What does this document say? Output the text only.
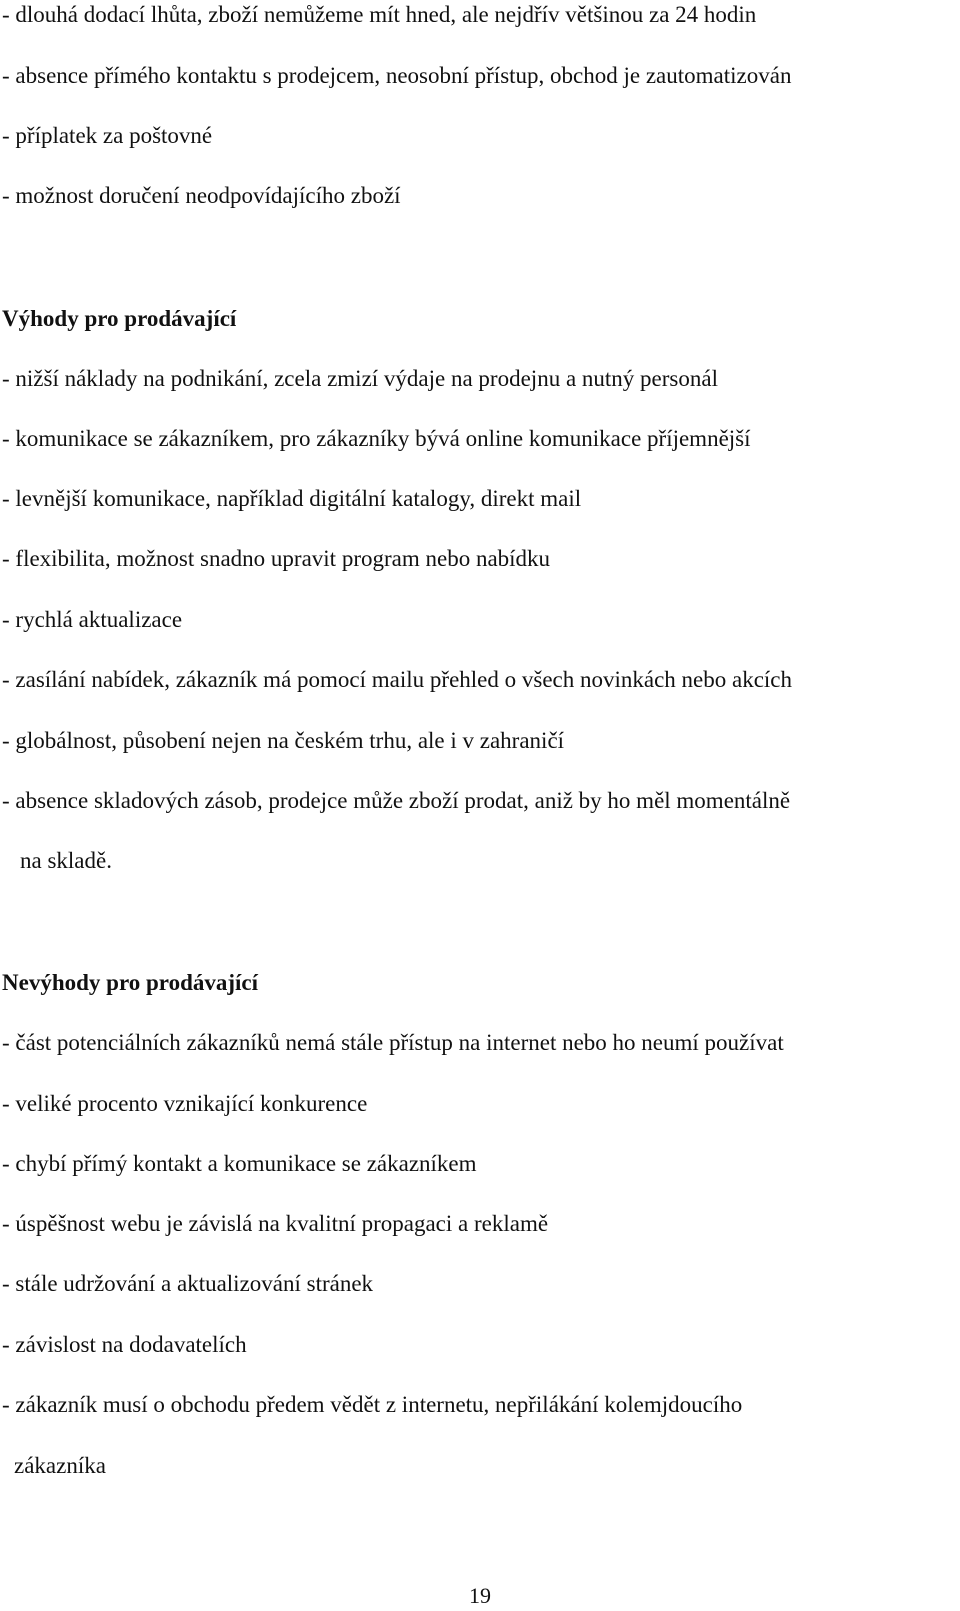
- dlouhá dodací lhůta, zboží nemůžeme mít hned, ale nejdřív většinou za 24 hodin
- absence přímého kontaktu s prodejcem, neosobní přístup, obchod je zautomatizován
- příplatek za poštovné
- možnost doručení neodpovídajícího zboží
Výhody pro prodávající
- nižší náklady na podnikání, zcela zmizí výdaje na prodejnu a nutný personál
- komunikace se zákazníkem, pro zákazníky bývá online komunikace příjemnější
- levnější komunikace, například digitální katalogy, direkt mail
- flexibilita, možnost snadno upravit program nebo nabídku
- rychlá aktualizace
- zasílání nabídek, zákazník má pomocí mailu přehled o všech novinkách nebo akcích
- globálnost, působení nejen na českém trhu, ale i v zahraničí
- absence skladových zásob, prodejce může zboží prodat, aniž by ho měl momentálně
na skladě.
Nevýhody pro prodávající
- část potenciálních zákazníků nemá stále přístup na internet nebo ho neumí používat
- veliké procento vznikající konkurence
- chybí přímý kontakt a komunikace se zákazníkem
- úspěšnost webu je závislá na kvalitní propagaci a reklamě
- stále udržování a aktualizování stránek
- závislost na dodavatelích
- zákazník musí o obchodu předem vědět z internetu, nepřilákání kolemjdoucího
zákazníka
19
